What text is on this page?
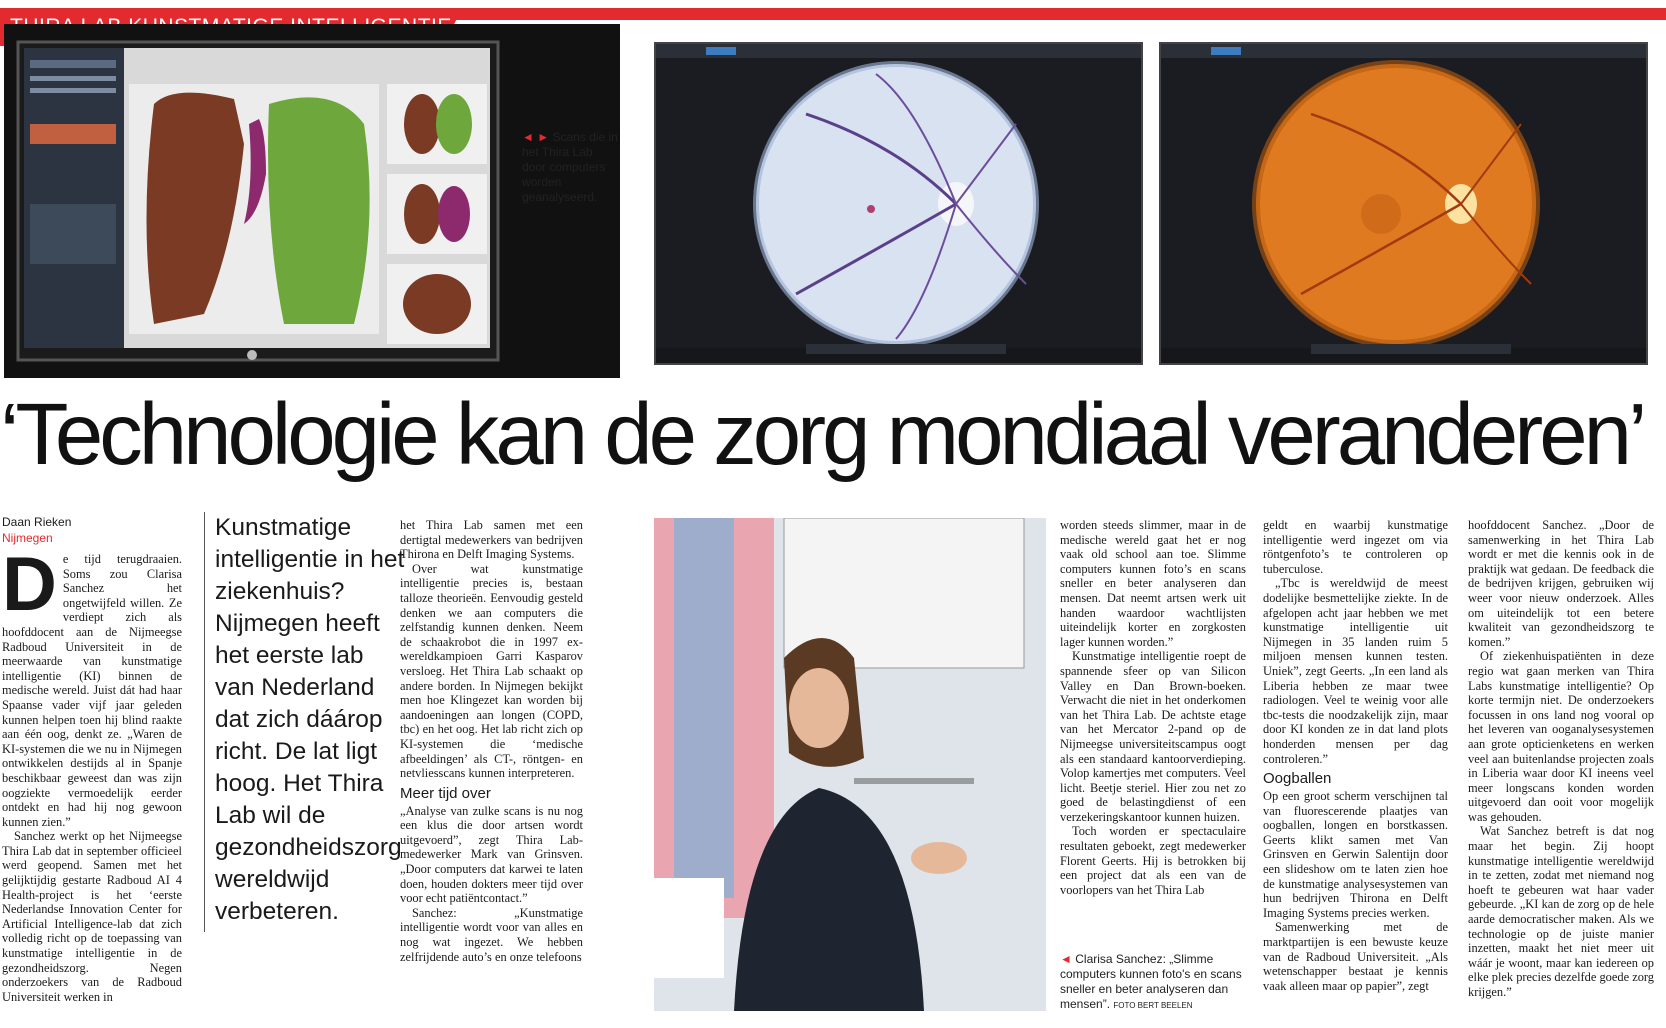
◄ ► Scans die in het Thira Lab door computers worden geanalyseerd.
‘Technologie kan de zorg mondiaal veranderen’
Daan Rieken
Nijmegen
D e tijd terugdraaien. Soms zou Clarisa Sanchez het ongetwijfeld willen. Ze verdiept zich als hoofddocent aan de Nijmeegse Radboud Universiteit in de meerwaarde van kunstmatige intelligentie (KI) binnen de medische wereld. Juist dát had haar Spaanse vader vijf jaar geleden kunnen helpen toen hij blind raakte aan één oog, denkt ze. „Waren de KI-systemen die we nu in Nijmegen ontwikkelen destijds al in Spanje beschikbaar geweest dan was zijn oogziekte vermoedelijk eerder ontdekt en had hij nog gewoon kunnen zien.”

Sanchez werkt op het Nijmeegse Thira Lab dat in september officieel werd geopend. Samen met het gelijktijdig gestarte Radboud AI 4 Health-project is het ‘eerste Nederlandse Innovation Center for Artificial Intelligence-lab dat zich volledig richt op de toepassing van kunstmatige intelligentie in de gezondheidszorg. Negen onderzoekers van de Radboud Universiteit werken in

Kunstmatige intelligentie in het ziekenhuis? Nijmegen heeft het eerste lab van Nederland dat zich dáárop richt. De lat ligt hoog. Het Thira Lab wil de gezondheidszorg wereldwijd verbeteren.

het Thira Lab samen met een dertigtal medewerkers van bedrijven Thirona en Delft Imaging Systems.

Over wat kunstmatige intelligentie precies is, bestaan talloze theorieën. Eenvoudig gesteld denken we aan computers die zelfstandig kunnen denken. Neem de schaakrobot die in 1997 ex-wereldkampioen Garri Kasparov versloeg. Het Thira Lab schaakt op andere borden. In Nijmegen bekijkt men hoe Klingezet kan worden bij aandoeningen aan longen (COPD, tbc) en het oog. Het lab richt zich op KI-systemen die ‘medische afbeeldingen’ als CT-, röntgen- en netvliesscans kunnen interpreteren.

Meer tijd over

„Analyse van zulke scans is nu nog een klus die door artsen wordt uitgevoerd”, zegt Thira Lab-medewerker Mark van Grinsven. „Door computers dat karwei te laten doen, houden dokters meer tijd over voor echt patiëntcontact.”

Sanchez: „Kunstmatige intelligentie wordt voor van alles en nog wat ingezet. We hebben zelfrijdende auto’s en onze telefoons

worden steeds slimmer, maar in de medische wereld gaat het er nog vaak old school aan toe. Slimme computers kunnen foto’s en scans sneller en beter analyseren dan mensen. Dat neemt artsen werk uit handen waardoor wachtlijsten uiteindelijk korter en zorgkosten lager kunnen worden.”

Kunstmatige intelligentie roept de spannende sfeer op van Silicon Valley en Dan Brown-boeken. Verwacht die niet in het onderkomen van het Thira Lab. De achtste etage van het Mercator 2-pand op de Nijmeegse universiteitscampus oogt als een standaard kantoorverdieping. Volop kamertjes met computers. Veel licht. Beetje steriel. Hier zou net zo goed de belastingdienst of een verzekeringskantoor kunnen huizen.

Toch worden er spectaculaire resultaten geboekt, zegt medewerker Florent Geerts. Hij is betrokken bij een project dat als een van de voorlopers van het Thira Lab

◄ Clarisa Sanchez: „Slimme computers kunnen foto's en scans sneller en beter analyseren dan mensen”. FOTO BERT BEELEN

geldt en waarbij kunstmatige intelligentie werd ingezet om via röntgenfoto’s te controleren op tuberculose.

„Tbc is wereldwijd de meest dodelijke besmettelijke ziekte. In de afgelopen acht jaar hebben we met kunstmatige intelligentie uit Nijmegen in 35 landen ruim 5 miljoen mensen kunnen testen. Uniek”, zegt Geerts. „In een land als Liberia hebben ze maar twee radiologen. Veel te weinig voor alle tbc-tests die noodzakelijk zijn, maar door KI konden ze in dat land plots honderden mensen per dag controleren.”

Oogballen

Op een groot scherm verschijnen tal van fluorescerende plaatjes van oogballen, longen en borstkassen. Geerts klikt samen met Van Grinsven en Gerwin Salentijn door een slideshow om te laten zien hoe de kunstmatige analysesystemen van hun bedrijven Thirona en Delft Imaging Systems precies werken.

Samenwerking met de marktpartijen is een bewuste keuze van de Radboud Universiteit. „Als wetenschapper bestaat je kennis vaak alleen maar op papier”, zegt

hoofddocent Sanchez. „Door de samenwerking in het Thira Lab wordt er met die kennis ook in de praktijk wat gedaan. De feedback die de bedrijven krijgen, gebruiken wij weer voor nieuw onderzoek. Alles om uiteindelijk tot een betere kwaliteit van gezondheidszorg te komen.”

Of ziekenhuispatiënten in deze regio wat gaan merken van Thira Labs kunstmatige intelligentie? Op korte termijn niet. De onderzoekers focussen in ons land nog vooral op het leveren van ooganalysesystemen aan grote opticienketens en werken veel aan buitenlandse projecten zoals in Liberia waar door KI ineens veel meer longscans konden worden uitgevoerd dan ooit voor mogelijk was gehouden.

Wat Sanchez betreft is dat nog maar het begin. Zij hoopt kunstmatige intelligentie wereldwijd in te zetten, zodat met niemand nog hoeft te gebeuren wat haar vader gebeurde. „KI kan de zorg op de hele aarde democratischer maken. Als we technologie op de juiste manier inzetten, maakt het niet meer uit wáár je woont, maar kan iedereen op elke plek precies dezelfde goede zorg krijgen.”
